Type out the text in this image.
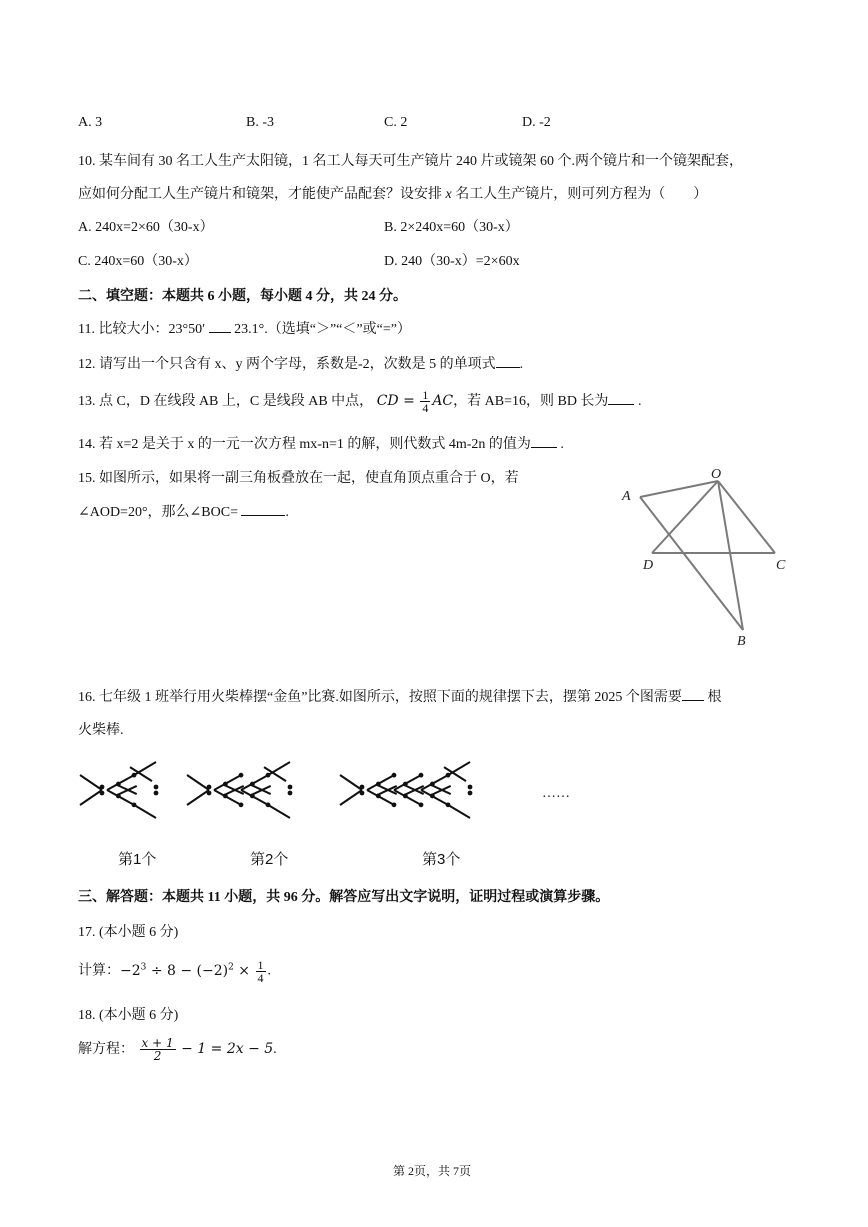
A. 3	B. -3	C. 2	D. -2
10. 某车间有 30 名工人生产太阳镜，1 名工人每天可生产镜片 240 片或镜架 60 个.两个镜片和一个镜架配套，
应如何分配工人生产镜片和镜架，才能使产品配套？设安排 x 名工人生产镜片，则可列方程为（　　）
A. 240x=2×60（30-x）	B. 2×240x=60（30-x）
C. 240x=60（30-x）	D. 240（30-x）=2×60x
二、填空题：本题共 6 小题，每小题 4 分，共 24 分。
11. 比较大小：23°50′ 23.1°.（选填“＞”“＜”或“=”）
12. 请写出一个只含有 x、y 两个字母，系数是-2，次数是 5 的单项式 .
13. 点 C，D 在线段 AB 上，C 是线段 AB 中点， CD = $\frac{1}{4}$ AC，若 AB=16，则 BD 长为 .
14. 若 x=2 是关于 x 的一元一次方程 mx-n=1 的解，则代数式 4m-2n 的值为 .
15. 如图所示，如果将一副三角板叠放在一起，使直角顶点重合于 O，若
∠AOD=20°，那么∠BOC=	.
A
O
D	C
B
16. 七年级 1 班举行用火柴棒摆“金鱼”比赛.如图所示，按照下面的规律摆下去，摆第 2025 个图需要 根
火柴棒.
……
第1个	第2个	第3个
三、解答题：本题共 11 小题，共 96 分。解答应写出文字说明，证明过程或演算步骤。
17. (本小题 6 分)
计算：$-2^3 \div 8 - (-2)^2 \times \frac{1}{4}$ .
18. (本小题 6 分)
解方程： $\frac{x + 1}{2} - 1 = 2x - 5$.
第 2页，共 7页
